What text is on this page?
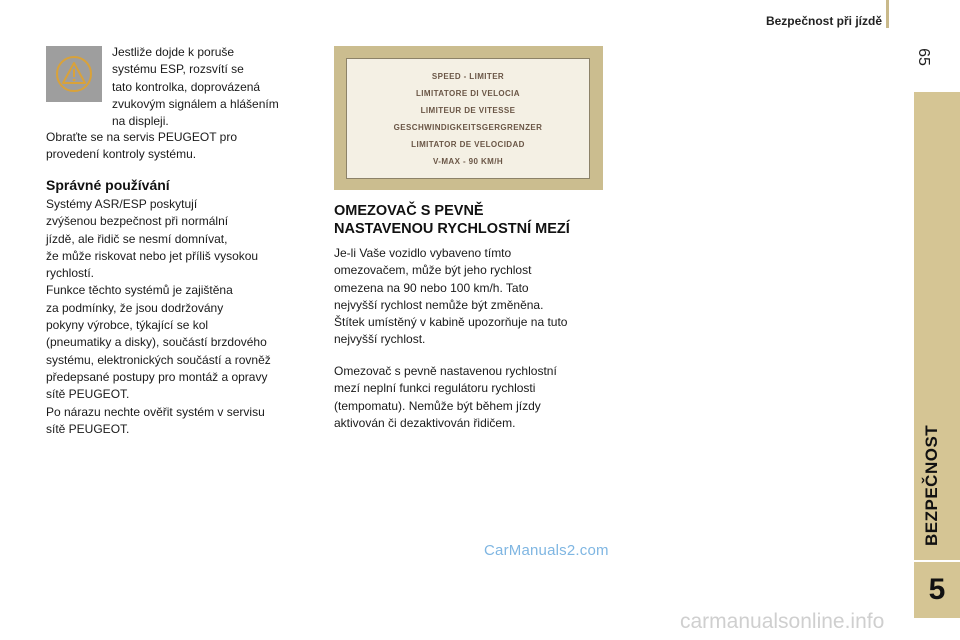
Bezpečnost při jízdě
65
BEZPEČNOST
5
Jestliže dojde k poruše
systému ESP, rozsvítí se
tato kontrolka, doprovázená
zvukovým signálem a hlášením
na displeji.
Obraťte se na servis PEUGEOT pro
provedení kontroly systému.
Správné používání
Systémy ASR/ESP poskytují
zvýšenou bezpečnost při normální
jízdě, ale řidič se nesmí domnívat,
že může riskovat nebo jet příliš vysokou
rychlostí.
Funkce těchto systémů je zajištěna
za podmínky, že jsou dodržovány
pokyny výrobce, týkající se kol
(pneumatiky a disky), součástí brzdového
systému, elektronických součástí a rovněž
předepsané postupy pro montáž a opravy
sítě PEUGEOT.
Po nárazu nechte ověřit systém v servisu
sítě PEUGEOT.
SPEED - LIMITER
LIMITATORE DI VELOCIA
LIMITEUR DE VITESSE
GESCHWINDIGKEITSGERGRENZER
LIMITATOR DE VELOCIDAD
V-MAX - 90 KM/H
OMEZOVAČ S PEVNĚ
NASTAVENOU RYCHLOSTNÍ MEZÍ
Je-li Vaše vozidlo vybaveno tímto
omezovačem, může být jeho rychlost
omezena na 90 nebo 100 km/h. Tato
nejvyšší rychlost nemůže být změněna.
Štítek umístěný v kabině upozorňuje na tuto
nejvyšší rychlost.
Omezovač s pevně nastavenou rychlostní
mezí neplní funkci regulátoru rychlosti
(tempomatu). Nemůže být během jízdy
aktivován či dezaktivován řidičem.
CarManuals2.com
carmanualsonline.info
